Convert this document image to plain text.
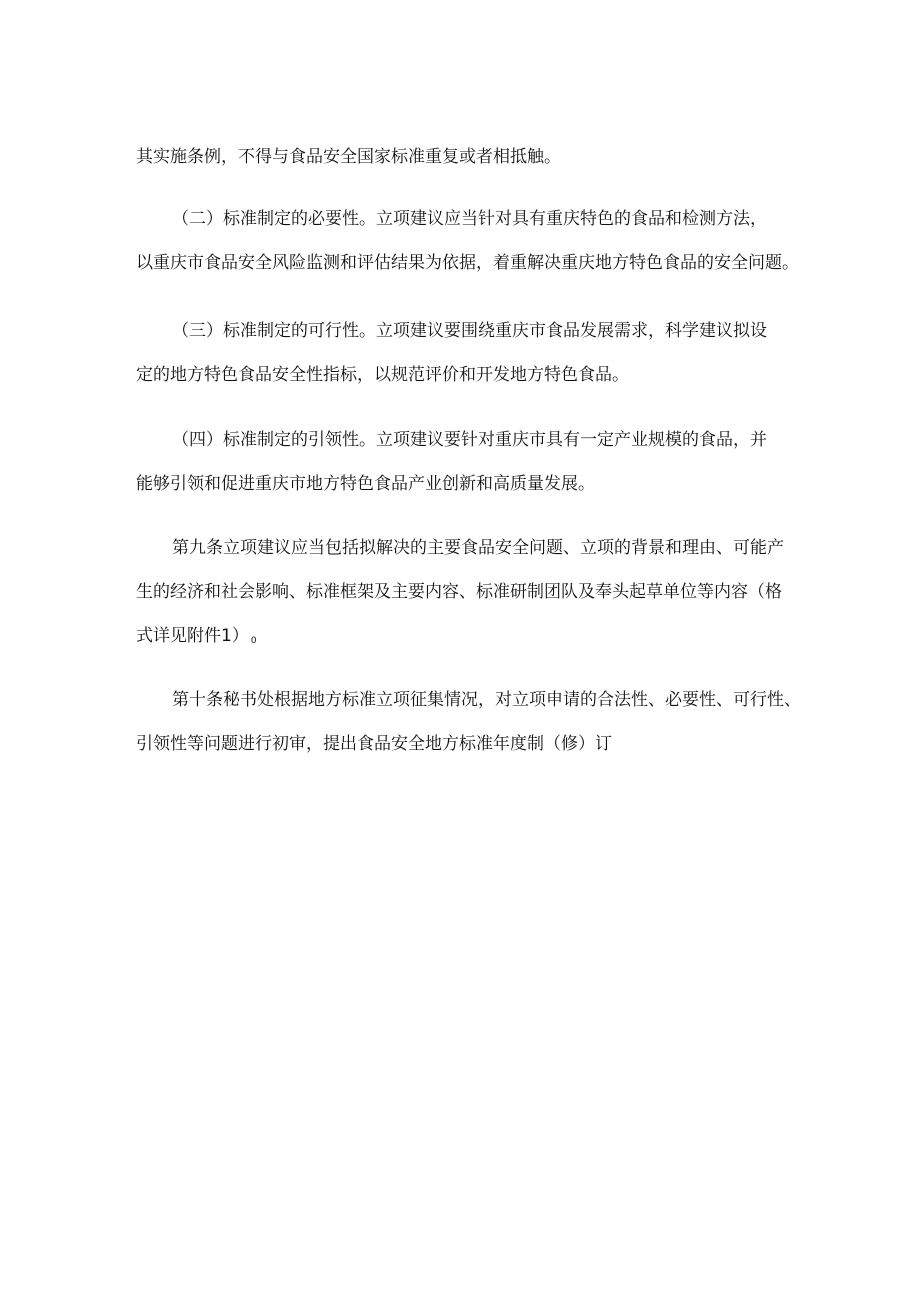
其实施条例，不得与食品安全国家标准重复或者相抵触。

（二）标准制定的必要性。立项建议应当针对具有重庆特色的食品和检测方法，
以重庆市食品安全风险监测和评估结果为依据，着重解决重庆地方特色食品的安全问题。

（三）标准制定的可行性。立项建议要围绕重庆市食品发展需求，科学建议拟设
定的地方特色食品安全性指标，以规范评价和开发地方特色食品。

（四）标准制定的引领性。立项建议要针对重庆市具有一定产业规模的食品，并
能够引领和促进重庆市地方特色食品产业创新和高质量发展。

第九条立项建议应当包括拟解决的主要食品安全问题、立项的背景和理由、可能产
生的经济和社会影响、标准框架及主要内容、标准研制团队及奉头起草单位等内容（格
式详见附件1） 0

第十条秘书处根据地方标准立项征集情况，对立项申请的合法性、必要性、可行性、
引领性等问题进行初审，提出食品安全地方标准年度制（修）订
